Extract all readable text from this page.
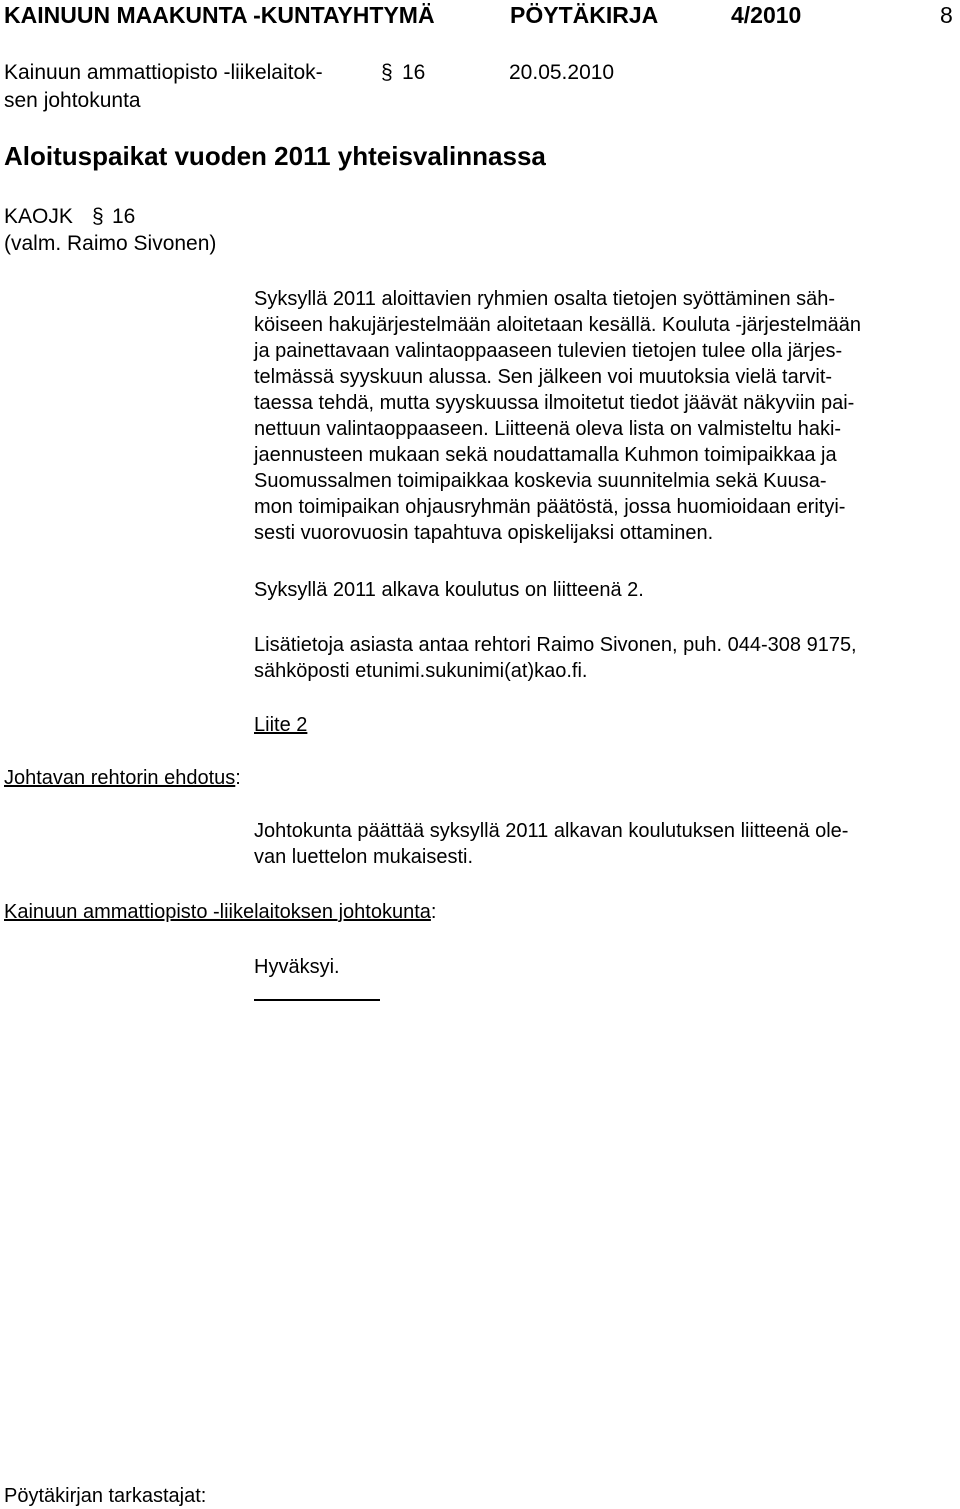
KAINUUN MAAKUNTA -KUNTAYHTYMÄ	PÖYTÄKIRJA	4/2010	8
Kainuun ammattiopisto -liikelaitok-
sen johtokunta
§ 16	20.05.2010
Aloituspaikat vuoden 2011 yhteisvalinnassa
KAOJK § 16
(valm. Raimo Sivonen)
Syksyllä 2011 aloittavien ryhmien osalta tietojen syöttäminen säh-
köiseen hakujärjestelmään aloitetaan kesällä. Kouluta -järjestelmään
ja painettavaan valintaoppaaseen tulevien tietojen tulee olla järjes-
telmässä syyskuun alussa. Sen jälkeen voi muutoksia vielä tarvit-
taessa tehdä, mutta syyskuussa ilmoitetut tiedot jäävät näkyviin pai-
nettuun valintaoppaaseen. Liitteenä oleva lista on valmisteltu haki-
jaennusteen mukaan sekä noudattamalla Kuhmon toimipaikkaa ja
Suomussalmen toimipaikkaa koskevia suunnitelmia sekä Kuusa-
mon toimipaikan ohjausryhmän päätöstä, jossa huomioidaan erityi-
sesti vuorovuosin tapahtuva opiskelijaksi ottaminen.
Syksyllä 2011 alkava koulutus on liitteenä 2.
Lisätietoja asiasta antaa rehtori Raimo Sivonen, puh. 044-308 9175,
sähköposti etunimi.sukunimi(at)kao.fi.
Liite 2
Johtavan rehtorin ehdotus:
Johtokunta päättää syksyllä 2011 alkavan koulutuksen liitteenä ole-
van luettelon mukaisesti.
Kainuun ammattiopisto -liikelaitoksen johtokunta:
Hyväksyi.
Pöytäkirjan tarkastajat:
